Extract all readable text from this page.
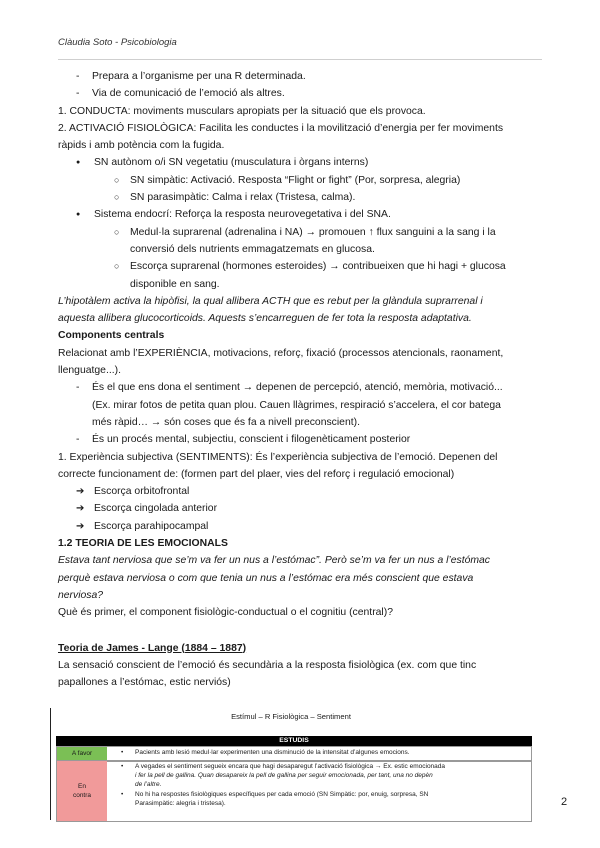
Clàudia Soto - Psicobiologia
- Prepara a l’organisme per una R determinada.
- Via de comunicació de l’emoció als altres.
1. CONDUCTA: moviments musculars apropiats per la situació que els provoca.
2. ACTIVACIÓ FISIOLÒGICA: Facilita les conductes i la movilització d’energia per fer moviments
ràpids i amb potència com la fugida.
● SN autònom o/i SN vegetatiu (musculatura i òrgans interns)
○ SN simpàtic: Activació. Resposta “Flight or fight” (Por, sorpresa, alegria)
○ SN parasimpàtic: Calma i relax (Tristesa, calma).
● Sistema endocrí: Reforça la resposta neurovegetativa i del SNA.
○ Medul·la suprarenal (adrenalina i NA) → promouen ↑ flux sanguini a la sang i la
conversió dels nutrients emmagatzemats en glucosa.
○ Escorça suprarenal (hormones esteroides) → contribueixen que hi hagi + glucosa
disponible en sang.
L’hipotàlem activa la hipòfisi, la qual allibera ACTH que es rebut per la glàndula suprarrenal i
aquesta allibera glucocorticoids. Aquests s’encarreguen de fer tota la resposta adaptativa.
Components centrals
Relacionat amb l’EXPERIÈNCIA, motivacions, reforç, fixació (processos atencionals, raonament,
llenguatge...).
- És el que ens dona el sentiment → depenen de percepció, atenció, memòria, motivació...
(Ex. mirar fotos de petita quan plou. Cauen llàgrimes, respiració s’accelera, el cor batega
més ràpid… → són coses que és fa a nivell preconscient).
- És un procés mental, subjectiu, conscient i filogenèticament posterior
1. Experiència subjectiva (SENTIMENTS): És l’experiència subjectiva de l’emoció. Depenen del
correcte funcionament de: (formen part del plaer, vies del reforç i regulació emocional)
➔ Escorça orbitofrontal
➔ Escorça cingolada anterior
➔ Escorça parahipocampal
1.2 TEORIA DE LES EMOCIONALS
Estava tant nerviosa que se’m va fer un nus a l’estómac”. Però se’m va fer un nus a l’estómac
perquè estava nerviosa o com que tenia un nus a l’estómac era més conscient que estava
nerviosa?
Què és primer, el component fisiològic-conductual o el cognitiu (central)?
Teoria de James - Lange (1884 – 1887)
La sensació conscient de l’emoció és secundària a la resposta fisiològica (ex. com que tinc
papallones a l’estómac, estic nerviós)
Estímul – R Fisiològica – Sentiment
ESTUDIS
A favor
•	Pacients amb lesió medul·lar experimenten una disminució de la intensitat d’algunes emocions.
En
contra
• A vegades el sentiment segueix encara que hagi desaparegut l’activació fisiològica → Ex. estic emocionada
i fer la pell de gallina. Quan desapareix la pell de gallina per seguir emocionada, per tant, una no depèn
de l’altre.
• No hi ha respostes fisiològiques específiques per cada emoció (SN Simpàtic: por, enuig, sorpresa, SN
Parasimpàtic: alegria i tristesa).	2
